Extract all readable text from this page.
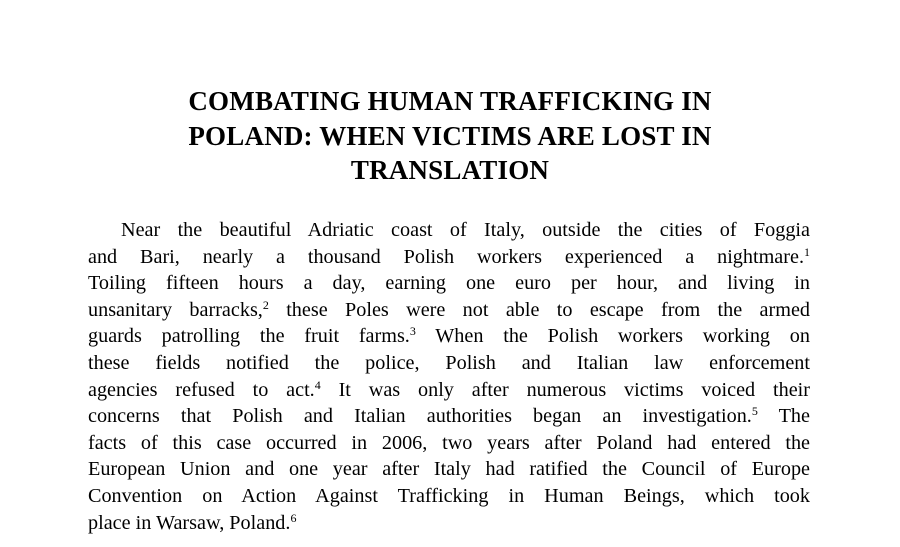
COMBATING HUMAN TRAFFICKING IN
POLAND: WHEN VICTIMS ARE LOST IN
TRANSLATION

Near the beautiful Adriatic coast of Italy, outside the cities of Foggia
and Bari, nearly a thousand Polish workers experienced a nightmare.$^1$
Toiling fifteen hours a day, earning one euro per hour, and living in
unsanitary barracks,$^2$ these Poles were not able to escape from the armed
guards patrolling the fruit farms.$^3$ When the Polish workers working on
these fields notified the police, Polish and Italian law enforcement
agencies refused to act.$^4$ It was only after numerous victims voiced their
concerns that Polish and Italian authorities began an investigation.$^5$ The
facts of this case occurred in 2006, two years after Poland had entered the
European Union and one year after Italy had ratified the Council of Europe
Convention on Action Against Trafficking in Human Beings, which took
place in Warsaw, Poland.$^6$
